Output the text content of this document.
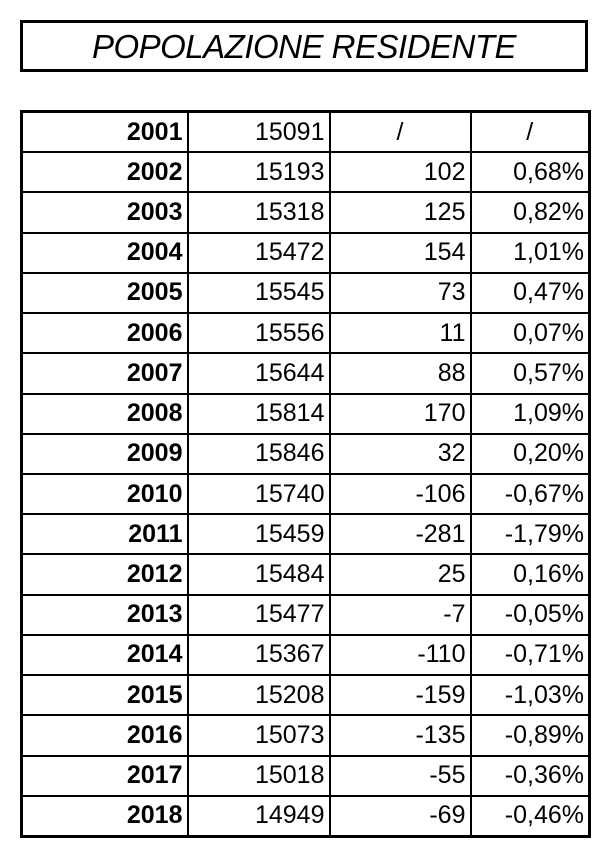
POPOLAZIONE RESIDENTE
2001	15091	/	/
2002	15193	102	0,68%
2003	15318	125	0,82%
2004	15472	154	1,01%
2005	15545	73	0,47%
2006	15556	11	0,07%
2007	15644	88	0,57%
2008	15814	170	1,09%
2009	15846	32	0,20%
2010	15740	-106	-0,67%
2011	15459	-281	-1,79%
2012	15484	25	0,16%
2013	15477	-7	-0,05%
2014	15367	-110	-0,71%
2015	15208	-159	-1,03%
2016	15073	-135	-0,89%
2017	15018	-55	-0,36%
2018	14949	-69	-0,46%
